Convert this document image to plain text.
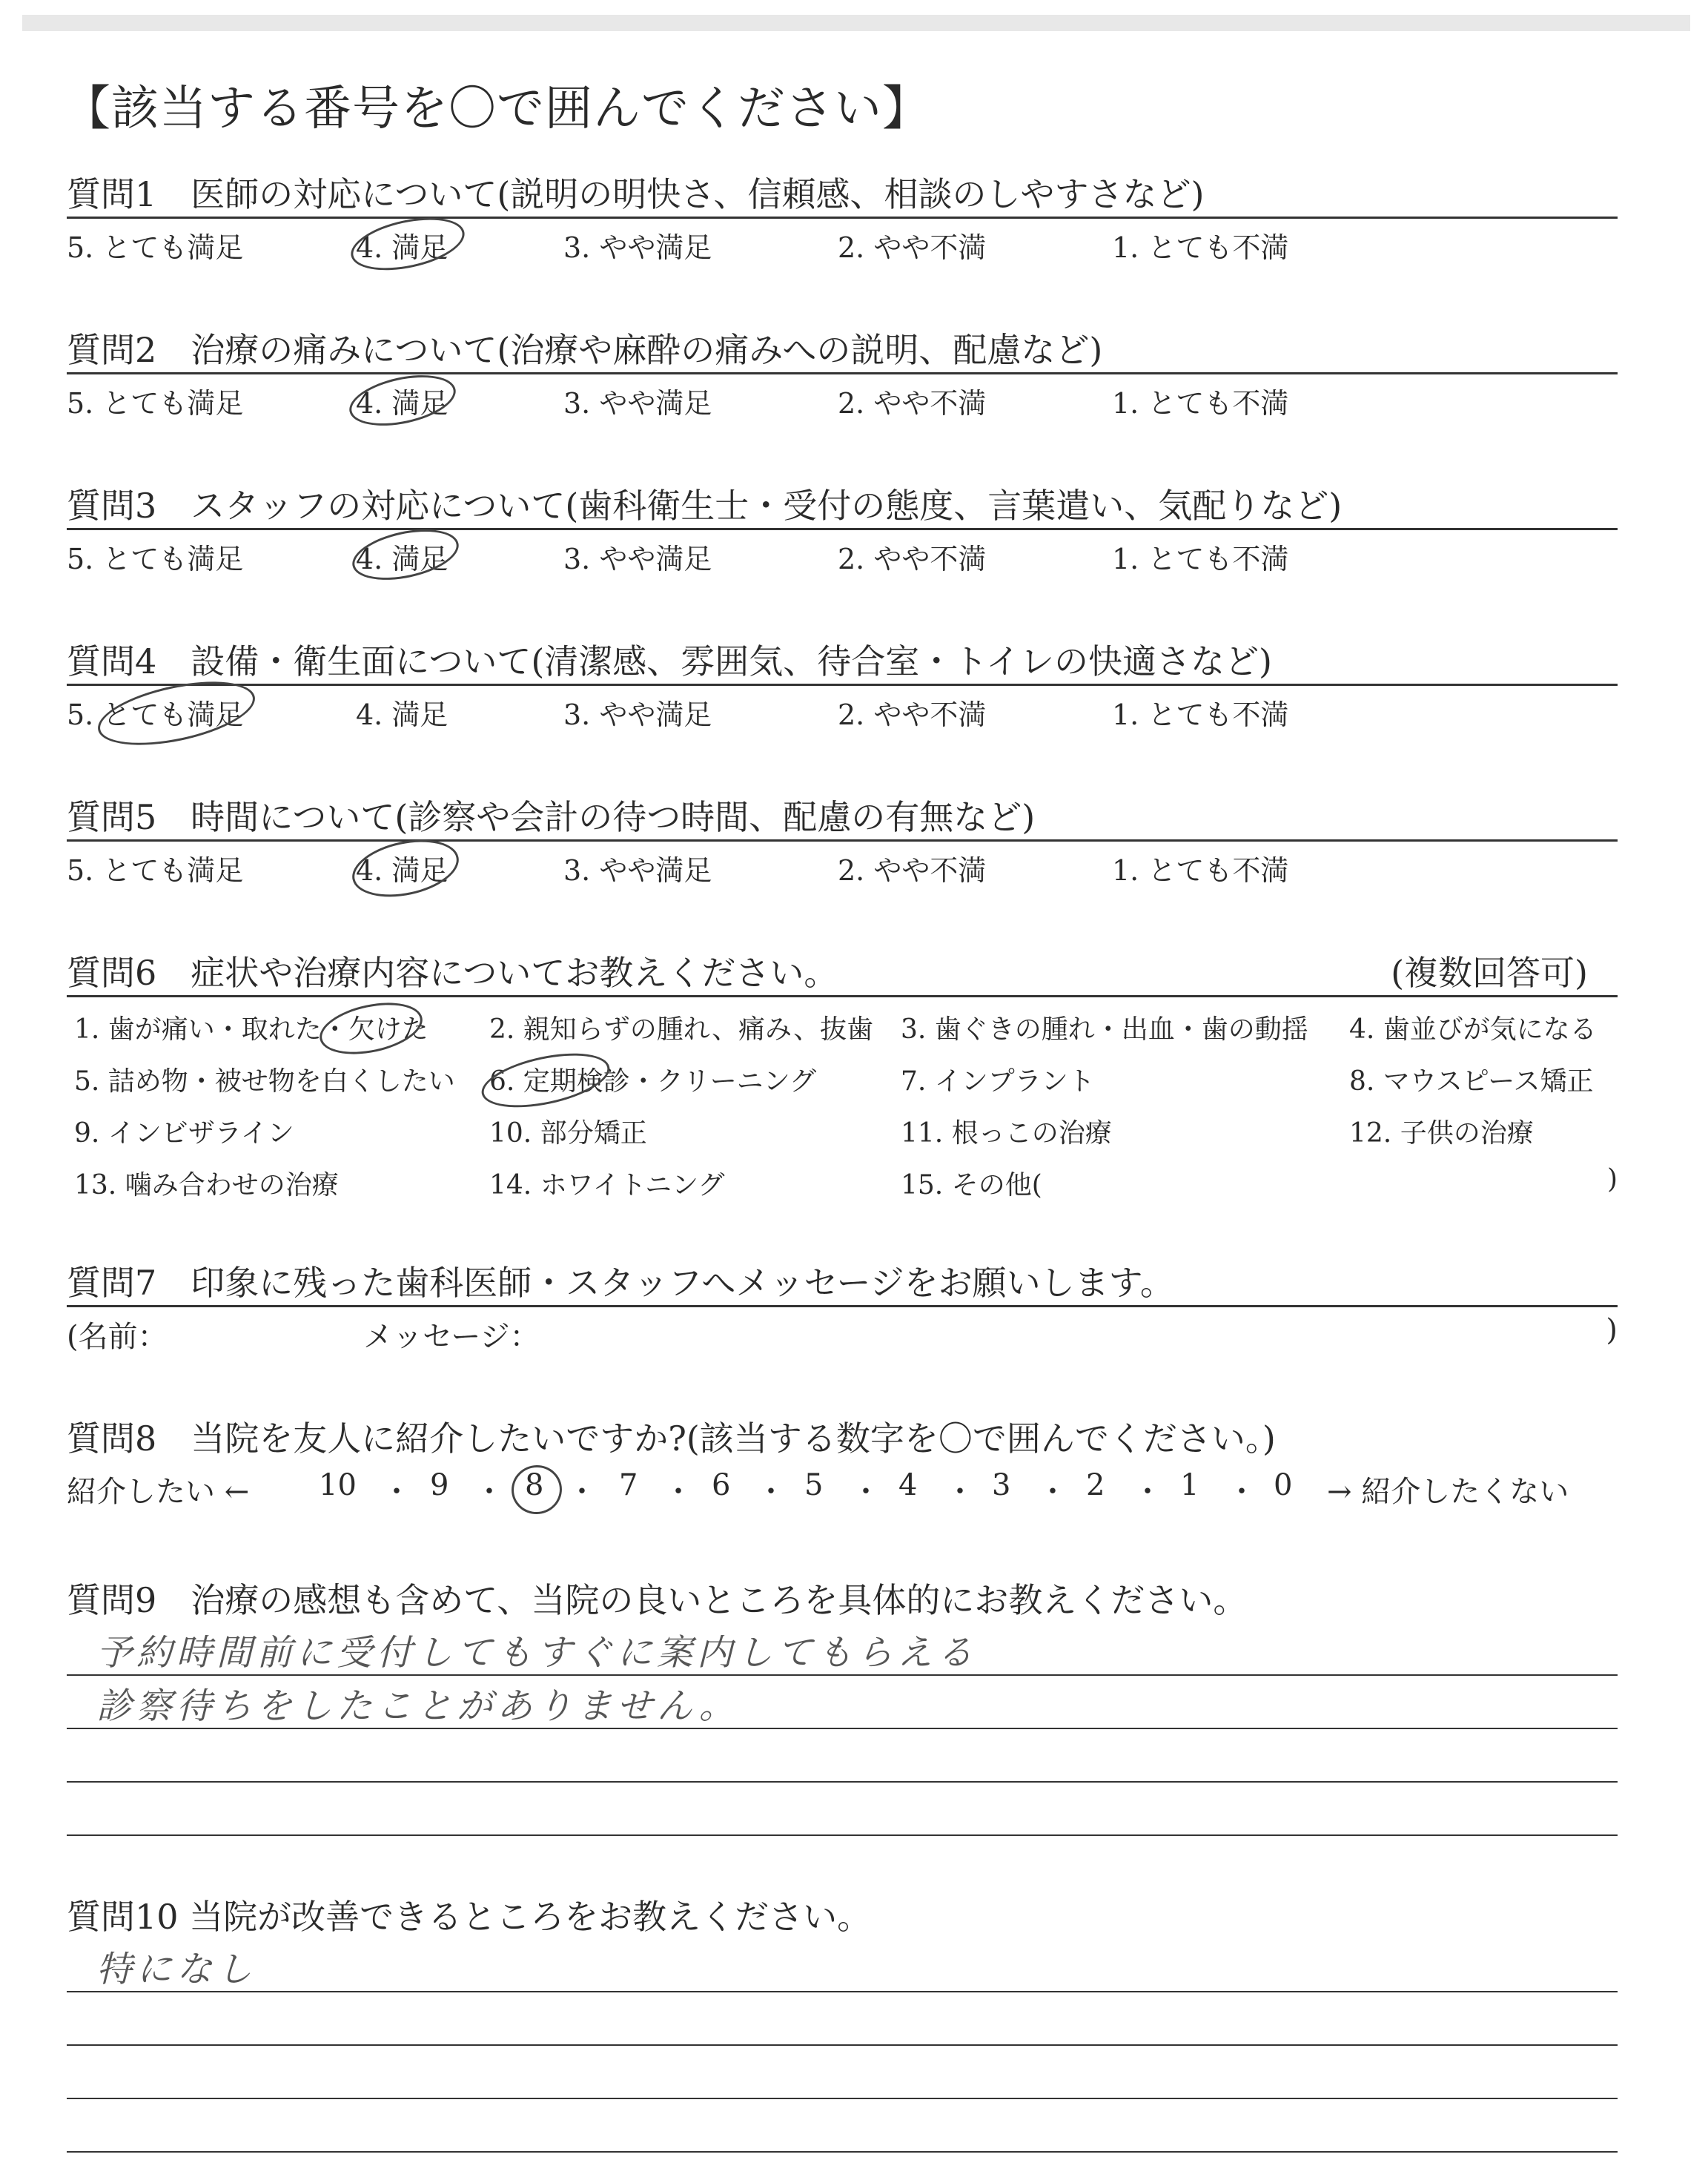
【該当する番号を〇で囲んでください】
質問1　医師の対応について(説明の明快さ、信頼感、相談のしやすさなど)
5. とても満足	4. 満足	3. やや満足	2. やや不満	1. とても不満
質問2　治療の痛みについて(治療や麻酔の痛みへの説明、配慮など)
5. とても満足	4. 満足	3. やや満足	2. やや不満	1. とても不満
質問3　スタッフの対応について(歯科衛生士・受付の態度、言葉遣い、気配りなど)
5. とても満足	4. 満足	3. やや満足	2. やや不満	1. とても不満
質問4　設備・衛生面について(清潔感、雰囲気、待合室・トイレの快適さなど)
5. とても満足	4. 満足	3. やや満足	2. やや不満	1. とても不満
質問5　時間について(診察や会計の待つ時間、配慮の有無など)
5. とても満足	4. 満足	3. やや満足	2. やや不満	1. とても不満
質問6　症状や治療内容についてお教えください。	(複数回答可)
1. 歯が痛い・取れた・欠けた 2. 親知らずの腫れ、痛み、抜歯 3. 歯ぐきの腫れ・出血・歯の動揺 4. 歯並びが気になる
5. 詰め物・被せ物を白くしたい 6. 定期検診・クリーニング	7. インプラント	8. マウスピース矯正
9. インビザライン	10. 部分矯正	11. 根っこの治療	12. 子供の治療
13. 噛み合わせの治療	14. ホワイトニング	15. その他(	)
質問7　印象に残った歯科医師・スタッフへメッセージをお願いします。
(名前：	メッセージ：	)
質問8　当院を友人に紹介したいですか?(該当する数字を〇で囲んでください。)
紹介したい ← 10 ・ 9 ・ 8 ・ 7 ・ 6 ・ 5 ・ 4 ・ 3 ・ 2 ・ 1 ・ 0 → 紹介したくない
質問9　治療の感想も含めて、当院の良いところを具体的にお教えください。
予約時間前に受付してもすぐに案内してもらえる
診察待ちをしたことがありません。
質問10 当院が改善できるところをお教えください。
特になし
